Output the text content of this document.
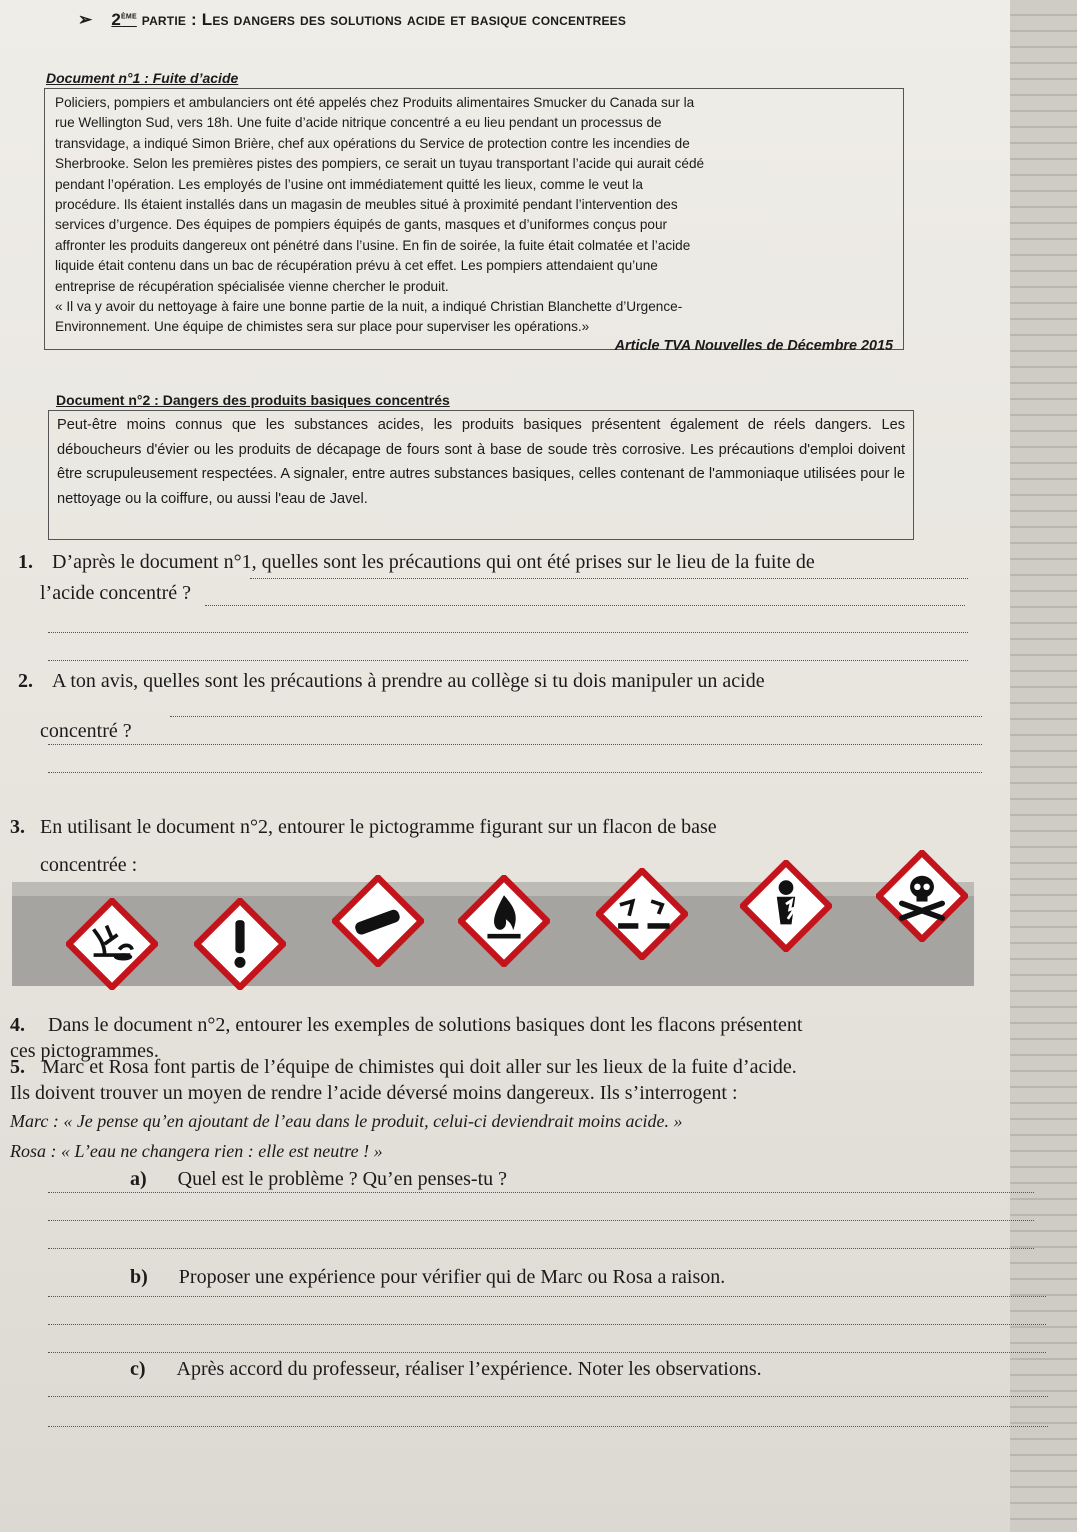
➢ 2ème partie : Les dangers des solutions acide et basique concentrees
Document n°1 : Fuite d’acide
Policiers, pompiers et ambulanciers ont été appelés chez Produits alimentaires Smucker du Canada sur la
rue Wellington Sud, vers 18h. Une fuite d’acide nitrique concentré a eu lieu pendant un processus de
transvidage, a indiqué Simon Brière, chef aux opérations du Service de protection contre les incendies de
Sherbrooke. Selon les premières pistes des pompiers, ce serait un tuyau transportant l’acide qui aurait cédé
pendant l’opération. Les employés de l’usine ont immédiatement quitté les lieux, comme le veut la
procédure. Ils étaient installés dans un magasin de meubles situé à proximité pendant l’intervention des
services d’urgence. Des équipes de pompiers équipés de gants, masques et d’uniformes conçus pour
affronter les produits dangereux ont pénétré dans l’usine. En fin de soirée, la fuite était colmatée et l’acide
liquide était contenu dans un bac de récupération prévu à cet effet. Les pompiers attendaient qu’une
entreprise de récupération spécialisée vienne chercher le produit.
« Il va y avoir du nettoyage à faire une bonne partie de la nuit, a indiqué Christian Blanchette d’Urgence-
Environnement. Une équipe de chimistes sera sur place pour superviser les opérations.»
Article TVA Nouvelles de Décembre 2015
Document n°2 : Dangers des produits basiques concentrés
Peut-être moins connus que les substances acides, les produits basiques présentent également de réels dangers. Les déboucheurs d'évier ou les produits de décapage de fours sont à base de soude très corrosive. Les précautions d'emploi doivent être scrupuleusement respectées. A signaler, entre autres substances basiques, celles contenant de l'ammoniaque utilisées pour le nettoyage ou la coiffure, ou aussi l'eau de Javel.
1. D’après le document n°1, quelles sont les précautions qui ont été prises sur le lieu de la fuite de
l’acide concentré ?
2. A ton avis, quelles sont les précautions à prendre au collège si tu dois manipuler un acide
concentré ?
3. En utilisant le document n°2, entourer le pictogramme figurant sur un flacon de base
concentrée :
4. Dans le document n°2, entourer les exemples de solutions basiques dont les flacons présentent
ces pictogrammes.
5. Marc et Rosa font partis de l’équipe de chimistes qui doit aller sur les lieux de la fuite d’acide.
Ils doivent trouver un moyen de rendre l’acide déversé moins dangereux. Ils s’interrogent :
Marc : « Je pense qu’en ajoutant de l’eau dans le produit, celui-ci deviendrait moins acide. »
Rosa : « L’eau ne changera rien : elle est neutre ! »
a) Quel est le problème ? Qu’en penses-tu ?
b) Proposer une expérience pour vérifier qui de Marc ou Rosa a raison.
c) Après accord du professeur, réaliser l’expérience. Noter les observations.
